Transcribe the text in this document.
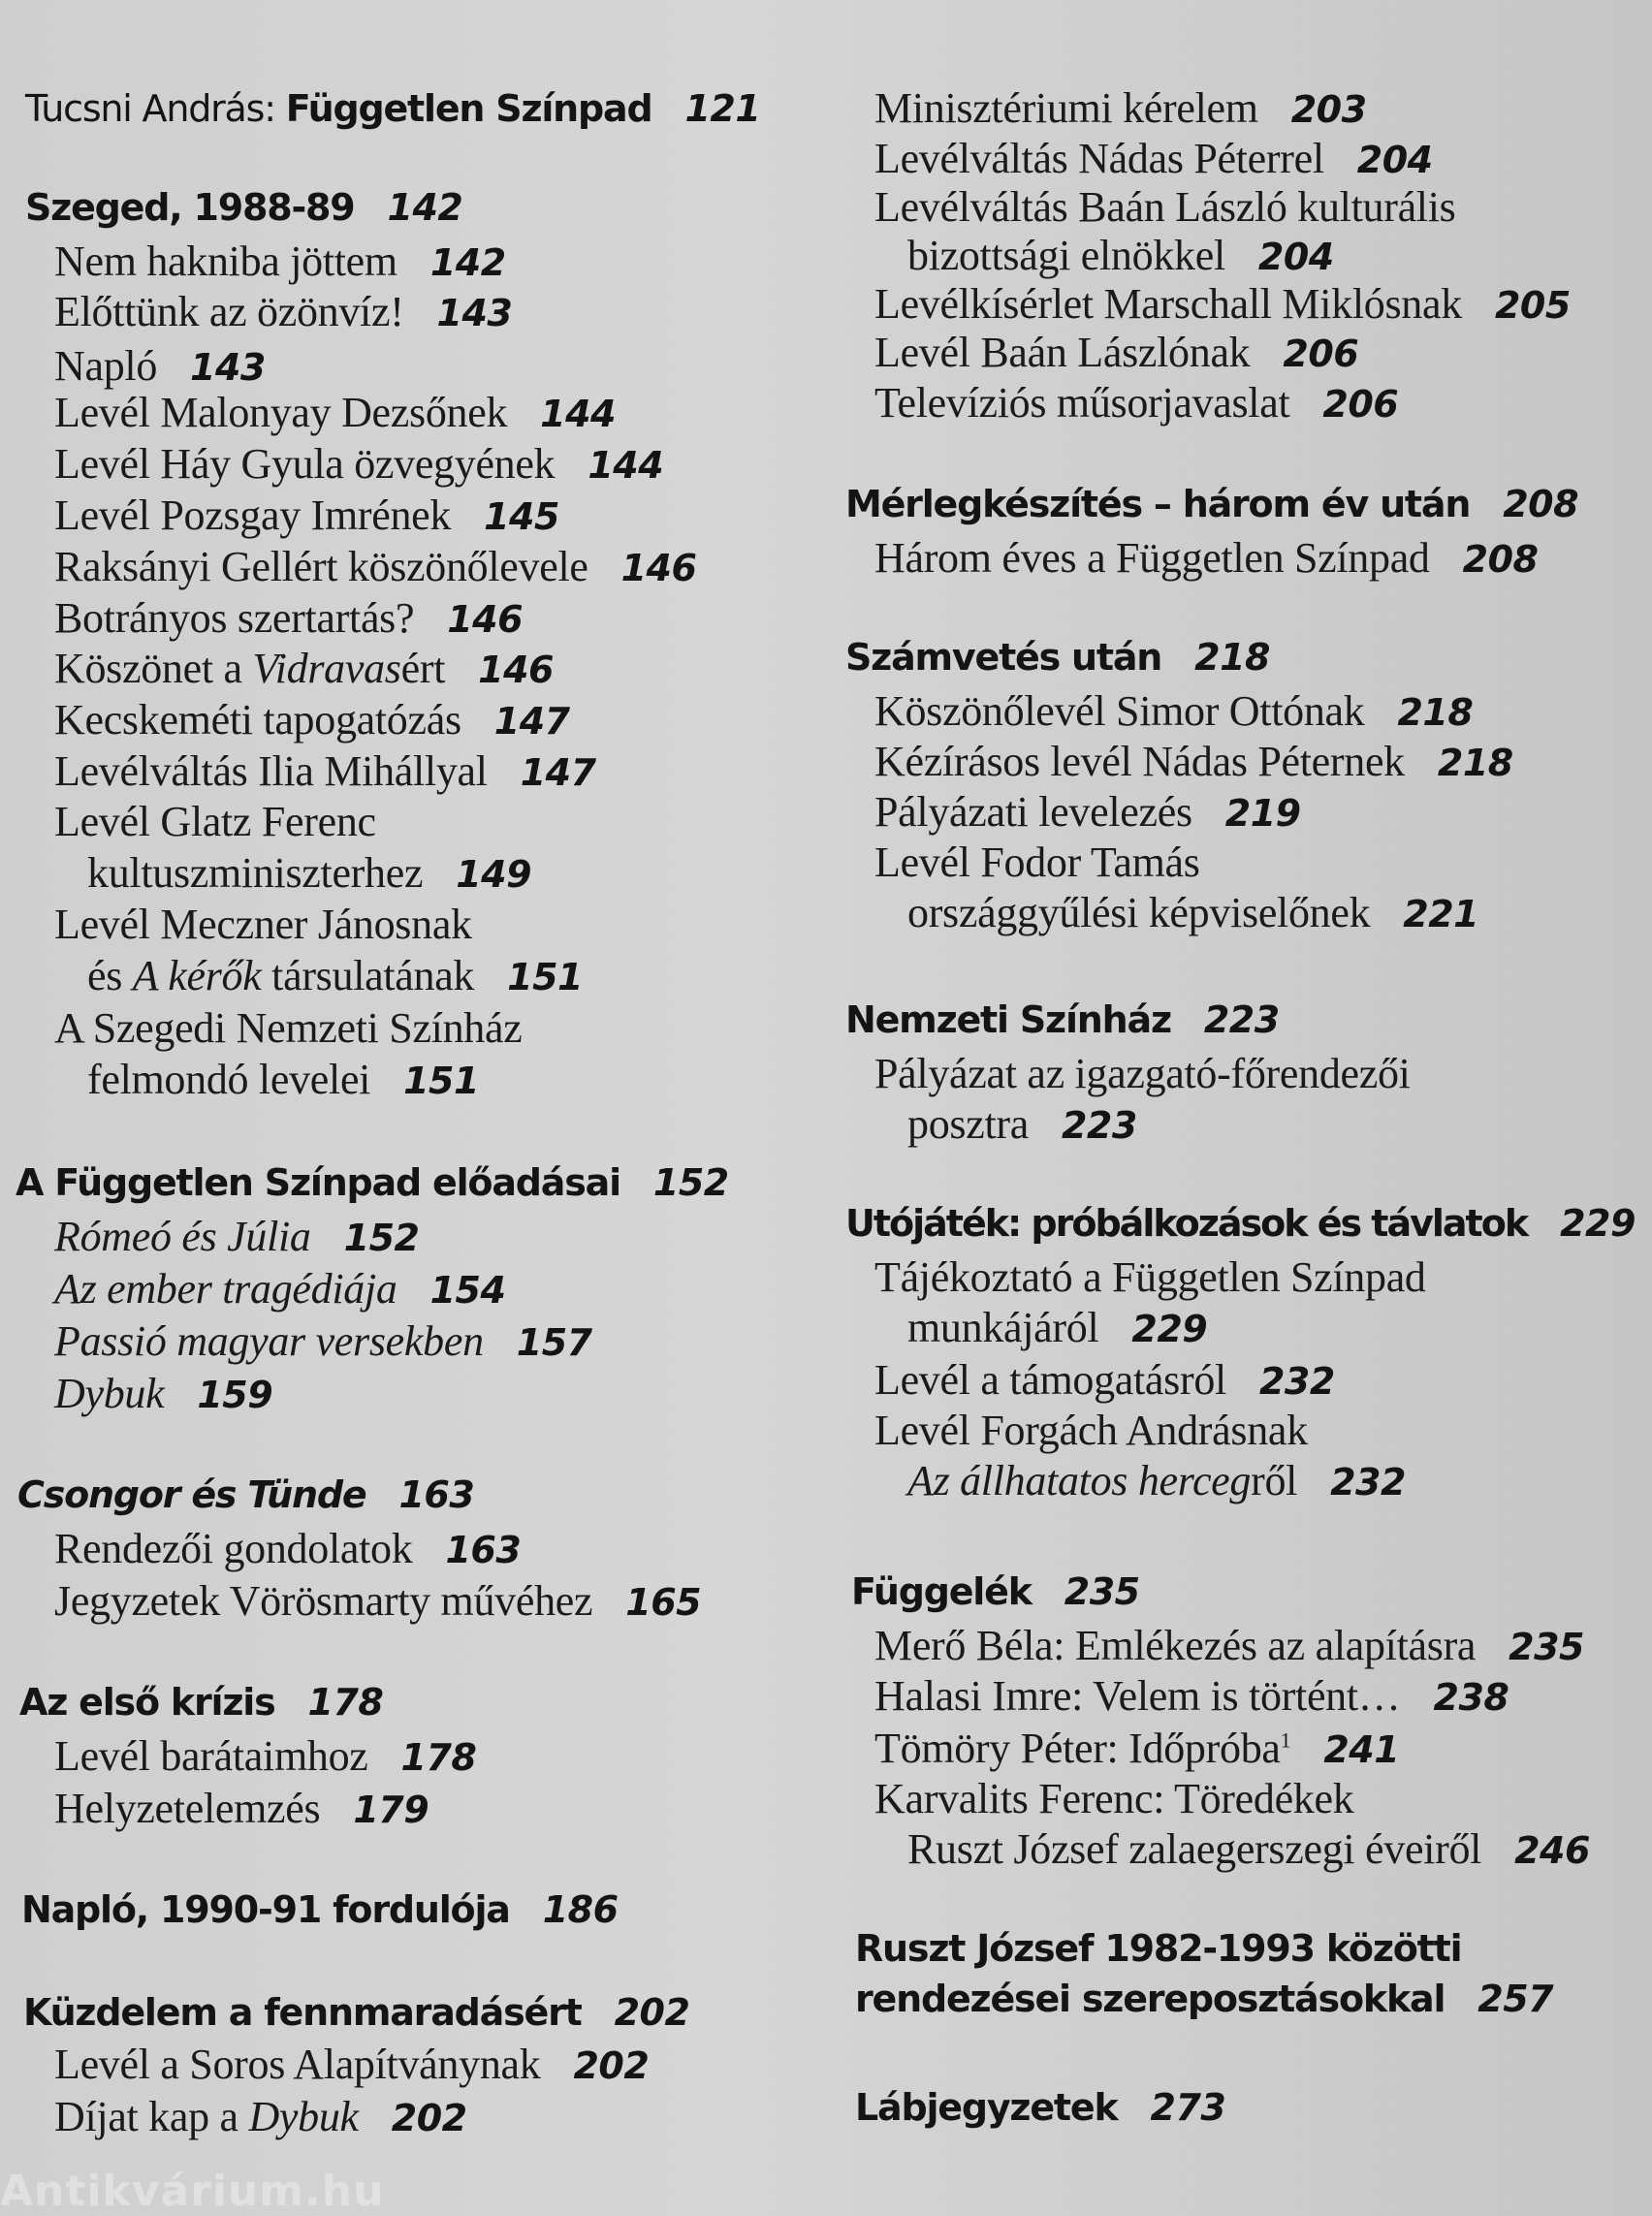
Tucsni András: Független Színpad 121
Szeged, 1988-89 142
Nem hakniba jöttem 142
Előttünk az özönvíz! 143
Napló 143
Levél Malonyay Dezsőnek 144
Levél Háy Gyula özvegyének 144
Levél Pozsgay Imrének 145
Raksányi Gellért köszönőlevele 146
Botrányos szertartás? 146
Köszönet a Vidravasért 146
Kecskeméti tapogatózás 147
Levélváltás Ilia Mihállyal 147
Levél Glatz Ferenc
kultuszminiszterhez 149
Levél Meczner Jánosnak
és A kérők társulatának 151
A Szegedi Nemzeti Színház
felmondó levelei 151
A Független Színpad előadásai 152
Rómeó és Júlia 152
Az ember tragédiája 154
Passió magyar versekben 157
Dybuk 159
Csongor és Tünde 163
Rendezői gondolatok 163
Jegyzetek Vörösmarty művéhez 165
Az első krízis 178
Levél barátaimhoz 178
Helyzetelemzés 179
Napló, 1990-91 fordulója 186
Küzdelem a fennmaradásért 202
Levél a Soros Alapítványnak 202
Díjat kap a Dybuk 202
Minisztériumi kérelem 203
Levélváltás Nádas Péterrel 204
Levélváltás Baán László kulturális
bizottsági elnökkel 204
Levélkísérlet Marschall Miklósnak 205
Levél Baán Lászlónak 206
Televíziós műsorjavaslat 206
Mérlegkészítés – három év után 208
Három éves a Független Színpad 208
Számvetés után 218
Köszönőlevél Simor Ottónak 218
Kézírásos levél Nádas Péternek 218
Pályázati levelezés 219
Levél Fodor Tamás
országgyűlési képviselőnek 221
Nemzeti Színház 223
Pályázat az igazgató-főrendezői
posztra 223
Utójáték: próbálkozások és távlatok 229
Tájékoztató a Független Színpad
munkájáról 229
Levél a támogatásról 232
Levél Forgách Andrásnak
Az állhatatos hercegről 232
Függelék 235
Merő Béla: Emlékezés az alapításra 235
Halasi Imre: Velem is történt… 238
Tömöry Péter: Időpróba$^1$ 241
Karvalits Ferenc: Töredékek
Ruszt József zalaegerszegi éveiről 246
Ruszt József 1982-1993 közötti
rendezései szereposztásokkal 257
Lábjegyzetek 273
Antikvárium.hu
